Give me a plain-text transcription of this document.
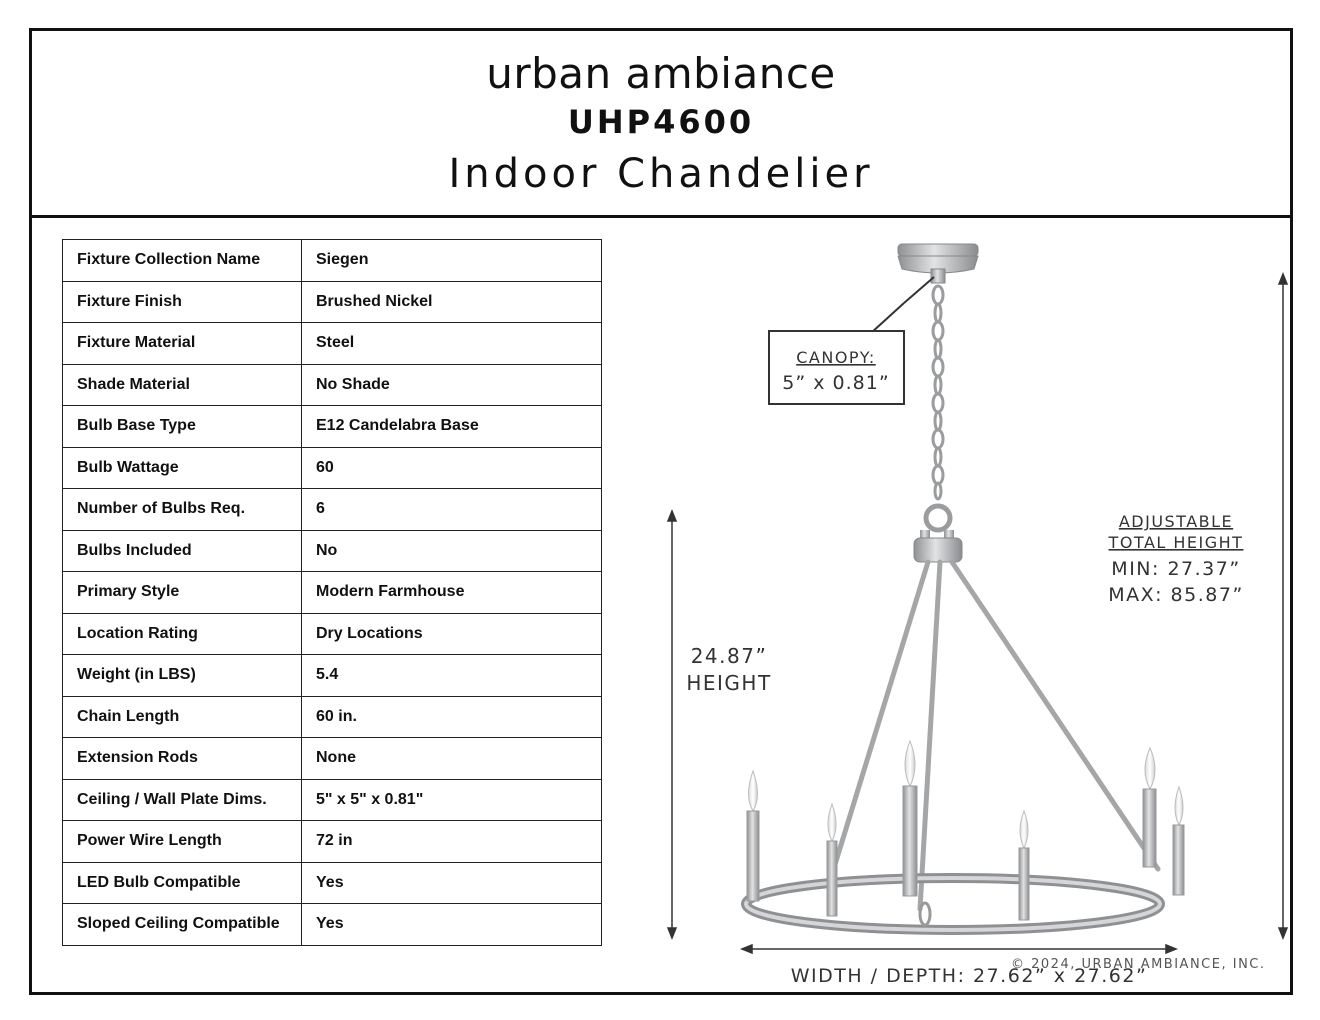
urban ambiance
UHP4600
Indoor Chandelier
Fixture Collection Name	Siegen
Fixture Finish	Brushed Nickel
Fixture Material	Steel
Shade Material	No Shade
Bulb Base Type	E12 Candelabra Base
Bulb Wattage	60
Number of Bulbs Req.	6
Bulbs Included	No
Primary Style	Modern Farmhouse
Location Rating	Dry Locations
Weight (in LBS)	5.4
Chain Length	60 in.
Extension Rods	None
Ceiling / Wall Plate Dims.	5" x 5" x 0.81"
Power Wire Length	72 in
LED Bulb Compatible	Yes
Sloped Ceiling Compatible	Yes
CANOPY:
5” x 0.81”
24.87”
HEIGHT
ADJUSTABLE
TOTAL HEIGHT
MIN: 27.37”
MAX: 85.87”
WIDTH / DEPTH: 27.62” x 27.62”
© 2024, URBAN AMBIANCE, INC.
